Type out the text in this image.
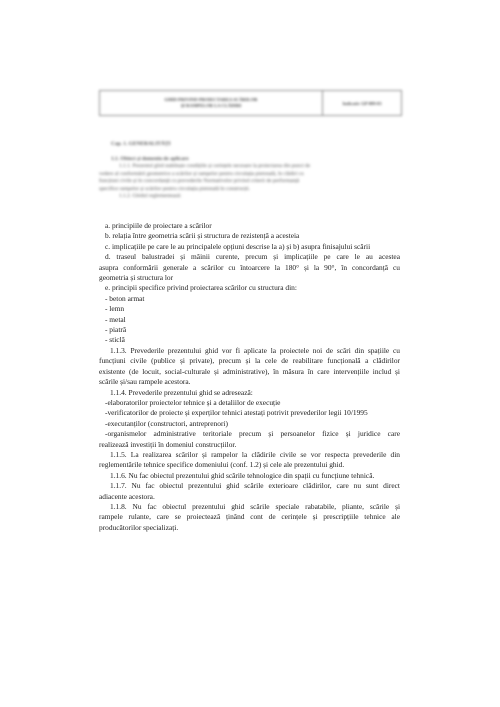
GHID PRIVIND PROIECTAREA SCĂRILOR
ȘI RAMPELOR LA CLĂDIRI	Indicativ GP 089-03
Cap. 1. GENERALITĂȚI
1.1. Obiect și domeniu de aplicare
1.1.1. Prezentul ghid stabilește condițiile și cerințele necesare la proiectarea din punct de
vedere al conformării geometrice a scărilor și rampelor pentru circulația pietonală, în clădiri cu
funcțiuni civile și în concordanță cu prevederile Normativelor privind criterii de performanță
specifice rampelor și scărilor pentru circulația pietonală în construcții.
1.1.2. Ghidul reglementează:

a. principiile de proiectare a scărilor

b. relația între geometria scării și structura de rezistență a acesteia

c. implicațiile pe care le au principalele opțiuni descrise la a) și b) asupra finisajului scării

d. traseul balustradei și mâinii curente, precum și implicațiile pe care le au acestea

asupra conformării generale a scărilor cu întoarcere la 180° și la 90°, în concordanță cu

geometria și structura lor

e. principii specifice privind proiectarea scărilor cu structura din:

- beton armat

- lemn

- metal

- piatră

- sticlă

1.1.3. Prevederile prezentului ghid vor fi aplicate la proiectele noi de scări din spațiile cu

funcțiuni civile (publice și private), precum și la cele de reabilitare funcțională a clădirilor

existente (de locuit, social-culturale și administrative), în măsura în care intervențiile includ și

scările și/sau rampele acestora.

1.1.4. Prevederile prezentului ghid se adresează:

-elaboratorilor proiectelor tehnice și a detaliilor de execuție

-verificatorilor de proiecte și experților tehnici atestați potrivit prevederilor legii 10/1995

-executanților (constructori, antreprenori)

-organismelor administrative teritoriale precum și persoanelor fizice și juridice care

realizează investiții în domeniul construcțiilor.

1.1.5. La realizarea scărilor și rampelor la clădirile civile se vor respecta prevederile din

reglementările tehnice specifice domeniului (conf. 1.2) și cele ale prezentului ghid.

1.1.6. Nu fac obiectul prezentului ghid scările tehnologice din spații cu funcțiune tehnică.

1.1.7. Nu fac obiectul prezentului ghid scările exterioare clădirilor, care nu sunt direct

adiacente acestora.

1.1.8. Nu fac obiectul prezentului ghid scările speciale rabatabile, pliante, scările și

rampele rulante, care se proiectează ținând cont de cerințele și prescripțiile tehnice ale

producătorilor specializați.
